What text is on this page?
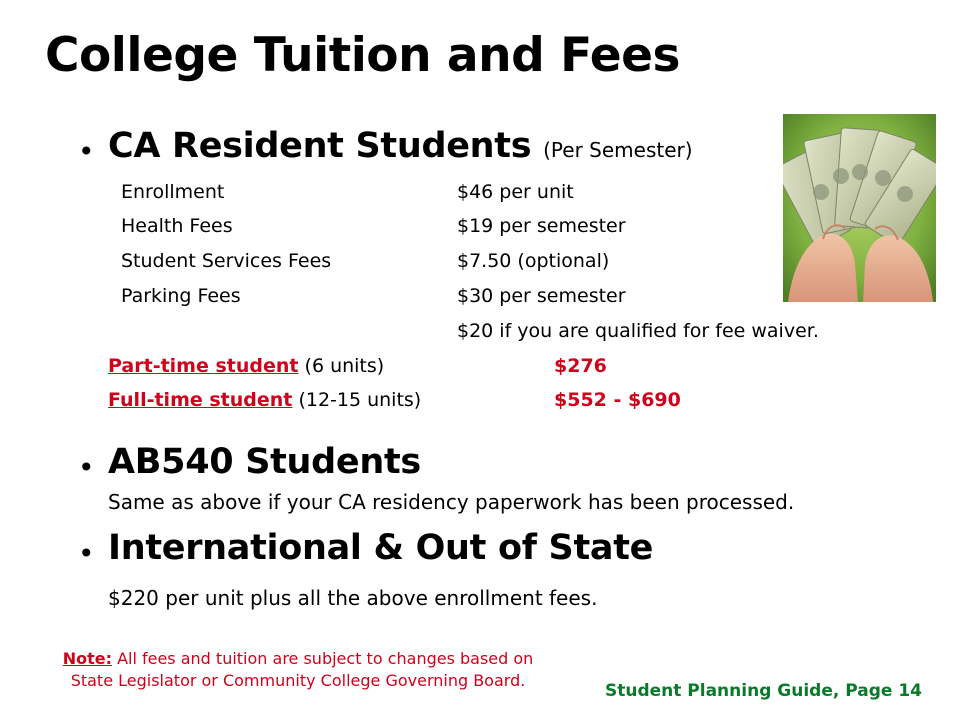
College Tuition and Fees
• CA Resident Students (Per Semester)
Enrollment	$46 per unit
Health Fees	$19 per semester
Student Services Fees	$7.50 (optional)
Parking Fees	$30 per semester
$20 if you are qualified for fee waiver.
Part-time student (6 units)	$276
Full-time student (12-15 units)	$552 - $690
• AB540 Students
Same as above if your CA residency paperwork has been processed.
• International & Out of State
$220 per unit plus all the above enrollment fees.
Note: All fees and tuition are subject to changes based on
State Legislator or Community College Governing Board.
Student Planning Guide, Page 14
